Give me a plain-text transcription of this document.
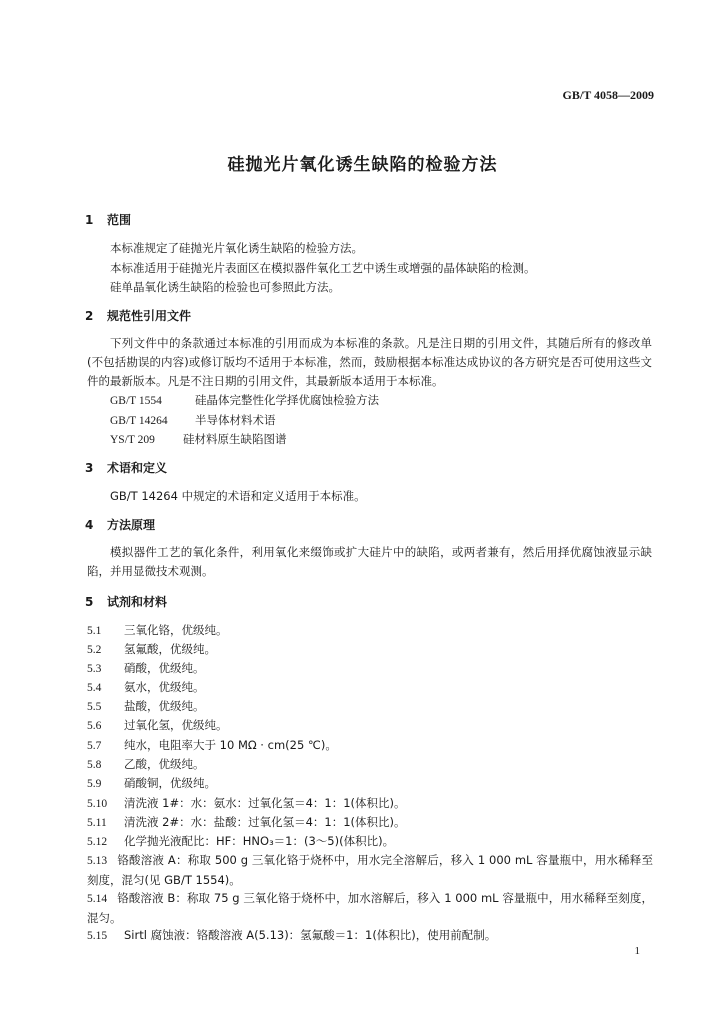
GB/T 4058—2009
硅抛光片氧化诱生缺陷的检验方法
1 范围
本标准规定了硅抛光片氧化诱生缺陷的检验方法。
本标准适用于硅抛光片表面区在模拟器件氧化工艺中诱生或增强的晶体缺陷的检测。
硅单晶氧化诱生缺陷的检验也可参照此方法。
2 规范性引用文件
下列文件中的条款通过本标准的引用而成为本标准的条款。凡是注日期的引用文件，其随后所有的修改单(不包括勘误的内容)或修订版均不适用于本标准，然而，鼓励根据本标准达成协议的各方研究是否可使用这些文件的最新版本。凡是不注日期的引用文件，其最新版本适用于本标准。
GB/T 1554	硅晶体完整性化学择优腐蚀检验方法
GB/T 14264 半导体材料术语
YS/T 209 硅材料原生缺陷图谱
3 术语和定义
GB/T 14264 中规定的术语和定义适用于本标准。
4 方法原理
模拟器件工艺的氧化条件，利用氧化来缀饰或扩大硅片中的缺陷，或两者兼有，然后用择优腐蚀液显示缺陷，并用显微技术观测。
5 试剂和材料
5.1 三氧化铬，优级纯。
5.2 氢氟酸，优级纯。
5.3 硝酸，优级纯。
5.4 氨水，优级纯。
5.5 盐酸，优级纯。
5.6 过氧化氢，优级纯。
5.7 纯水，电阻率大于 10 MΩ · cm(25 ℃)。
5.8 乙酸，优级纯。
5.9 硝酸铜，优级纯。
5.10 清洗液 1#：水：氨水：过氧化氢＝4：1：1(体积比)。
5.11 清洗液 2#：水：盐酸：过氧化氢＝4：1：1(体积比)。
5.12 化学抛光液配比：HF：HNO₃＝1：(3～5)(体积比)。
5.13 铬酸溶液 A：称取 500 g 三氧化铬于烧杯中，用水完全溶解后，移入 1 000 mL 容量瓶中，用水稀释至刻度，混匀(见 GB/T 1554)。
5.14 铬酸溶液 B：称取 75 g 三氧化铬于烧杯中，加水溶解后，移入 1 000 mL 容量瓶中，用水稀释至刻度，混匀。
5.15 Sirtl 腐蚀液：铬酸溶液 A(5.13)：氢氟酸＝1：1(体积比)，使用前配制。
1
